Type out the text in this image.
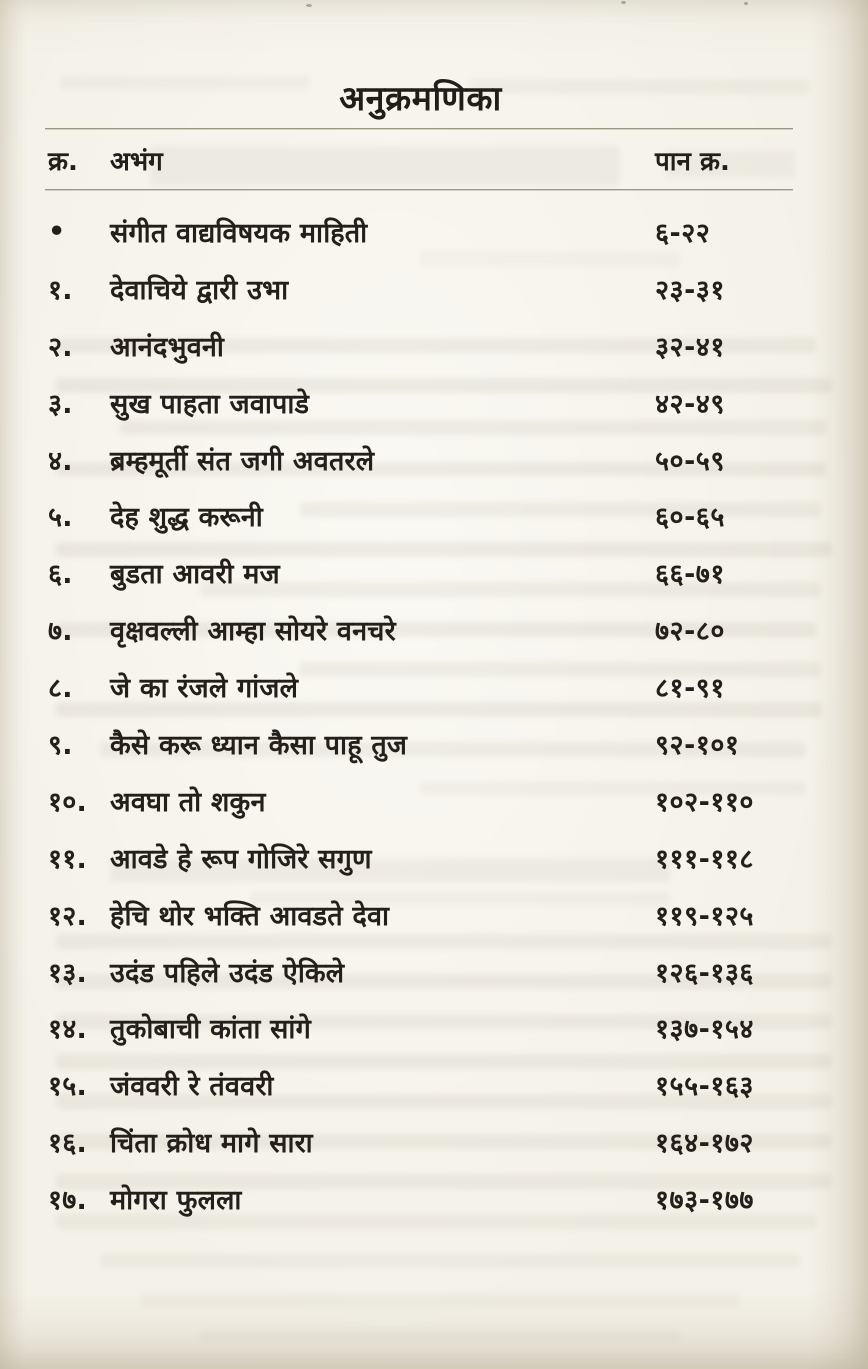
अनुक्रमणिका
क्र.	अभंग	पान क्र.
•	संगीत वाद्यविषयक माहिती	६-२२
१.	देवाचिये द्वारी उभा	२३-३१
२.	आनंदभुवनी	३२-४१
३.	सुख पाहता जवापाडे	४२-४९
४.	ब्रम्हमूर्ती संत जगी अवतरले	५०-५९
५.	देह शुद्ध करूनी	६०-६५
६.	बुडता आवरी मज	६६-७१
७.	वृक्षवल्ली आम्हा सोयरे वनचरे	७२-८०
८.	जे का रंजले गांजले	८१-९१
९.	कैसे करू ध्यान कैसा पाहू तुज	९२-१०१
१०. अवघा तो शकुन	१०२-११०
११. आवडे हे रूप गोजिरे सगुण	१११-११८
१२. हेचि थोर भक्ति आवडते देवा	११९-१२५
१३. उदंड पहिले उदंड ऐकिले	१२६-१३६
१४. तुकोबाची कांता सांगे	१३७-१५४
१५. जंववरी रे तंववरी	१५५-१६३
१६. चिंता क्रोध मागे सारा	१६४-१७२
१७. मोगरा फुलला	१७३-१७७
